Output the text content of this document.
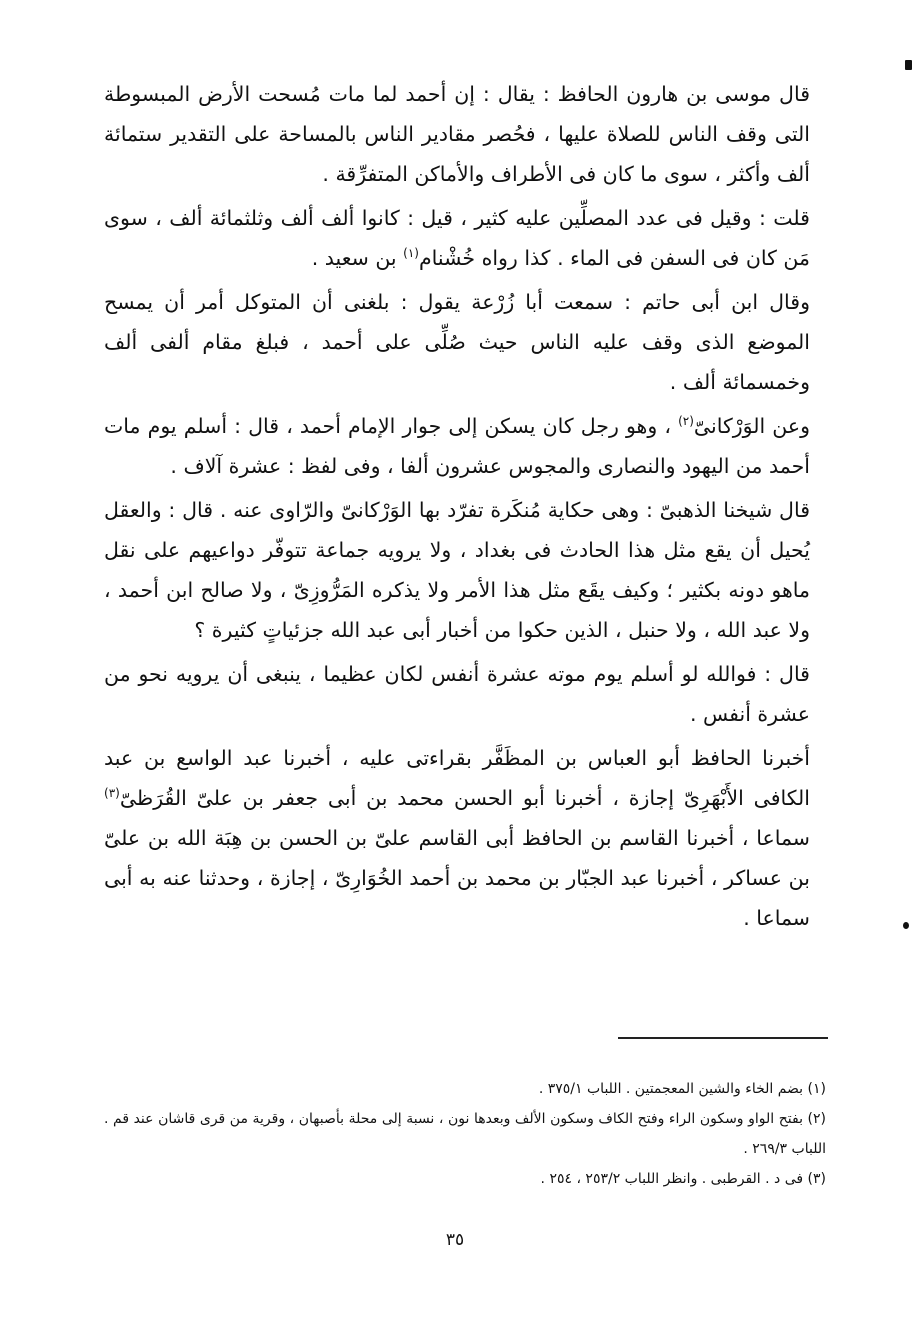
قال موسى بن هارون الحافظ : يقال : إن أحمد لما مات مُسحت الأرض المبسوطة التى وقف الناس للصلاة عليها ، فحُصر مقادير الناس بالمساحة على التقدير ستمائة ألف وأكثر ، سوى ما كان فى الأطراف والأماكن المتفرِّقة .

قلت : وقيل فى عدد المصلِّين عليه كثير ، قيل : كانوا ألف ألف وثلثمائة ألف ، سوى مَن كان فى السفن فى الماء . كذا رواه خُشْنام$^{(١)}$ بن سعيد .

وقال ابن أبى حاتم : سمعت أبا زُرْعة يقول : بلغنى أن المتوكل أمر أن يمسح الموضع الذى وقف عليه الناس حيث صُلِّى على أحمد ، فبلغ مقام ألفى ألف وخمسمائة ألف .

وعن الوَرْكانىّ$^{(٢)}$ ، وهو رجل كان يسكن إلى جوار الإمام أحمد ، قال : أسلم يوم مات أحمد من اليهود والنصارى والمجوس عشرون ألفا ، وفى لفظ : عشرة آلاف .

قال شيخنا الذهبىّ : وهى حكاية مُنكَرة تفرّد بها الوَرْكانىّ والرّاوى عنه . قال : والعقل يُحيل أن يقع مثل هذا الحادث فى بغداد ، ولا يرويه جماعة تتوفّر دواعيهم على نقل ماهو دونه بكثير ؛ وكيف يقَع مثل هذا الأمر ولا يذكره المَرُّوزِىّ ، ولا صالح ابن أحمد ، ولا عبد الله ، ولا حنبل ، الذين حكوا من أخبار أبى عبد الله جزئياتٍ كثيرة ؟

قال : فوالله لو أسلم يوم موته عشرة أنفس لكان عظيما ، ينبغى أن يرويه نحو من عشرة أنفس .

أخبرنا الحافظ أبو العباس بن المظَفَّر بقراءتى عليه ، أخبرنا عبد الواسع بن عبد الكافى الأَبْهَرِىّ إجازة ، أخبرنا أبو الحسن محمد بن أبى جعفر بن علىّ القُرَظىّ$^{(٣)}$ سماعا ، أخبرنا القاسم بن الحافظ أبى القاسم علىّ بن الحسن بن هِبَة الله بن علىّ بن عساكر ، أخبرنا عبد الجبّار بن محمد بن أحمد الخُوَارِىّ ، إجازة ، وحدثنا عنه به أبى سماعا .

(١) بضم الخاء والشين المعجمتين . اللباب ٣٧٥/١ .

(٢) بفتح الواو وسكون الراء وفتح الكاف وسكون الألف وبعدها نون ، نسبة إلى محلة بأصبهان ، وقرية من قرى قاشان عند قم . اللباب ٢٦٩/٣ .

(٣) فى د . القرطبى . وانظر اللباب ٢٥٣/٢ ، ٢٥٤ .

٣٥
